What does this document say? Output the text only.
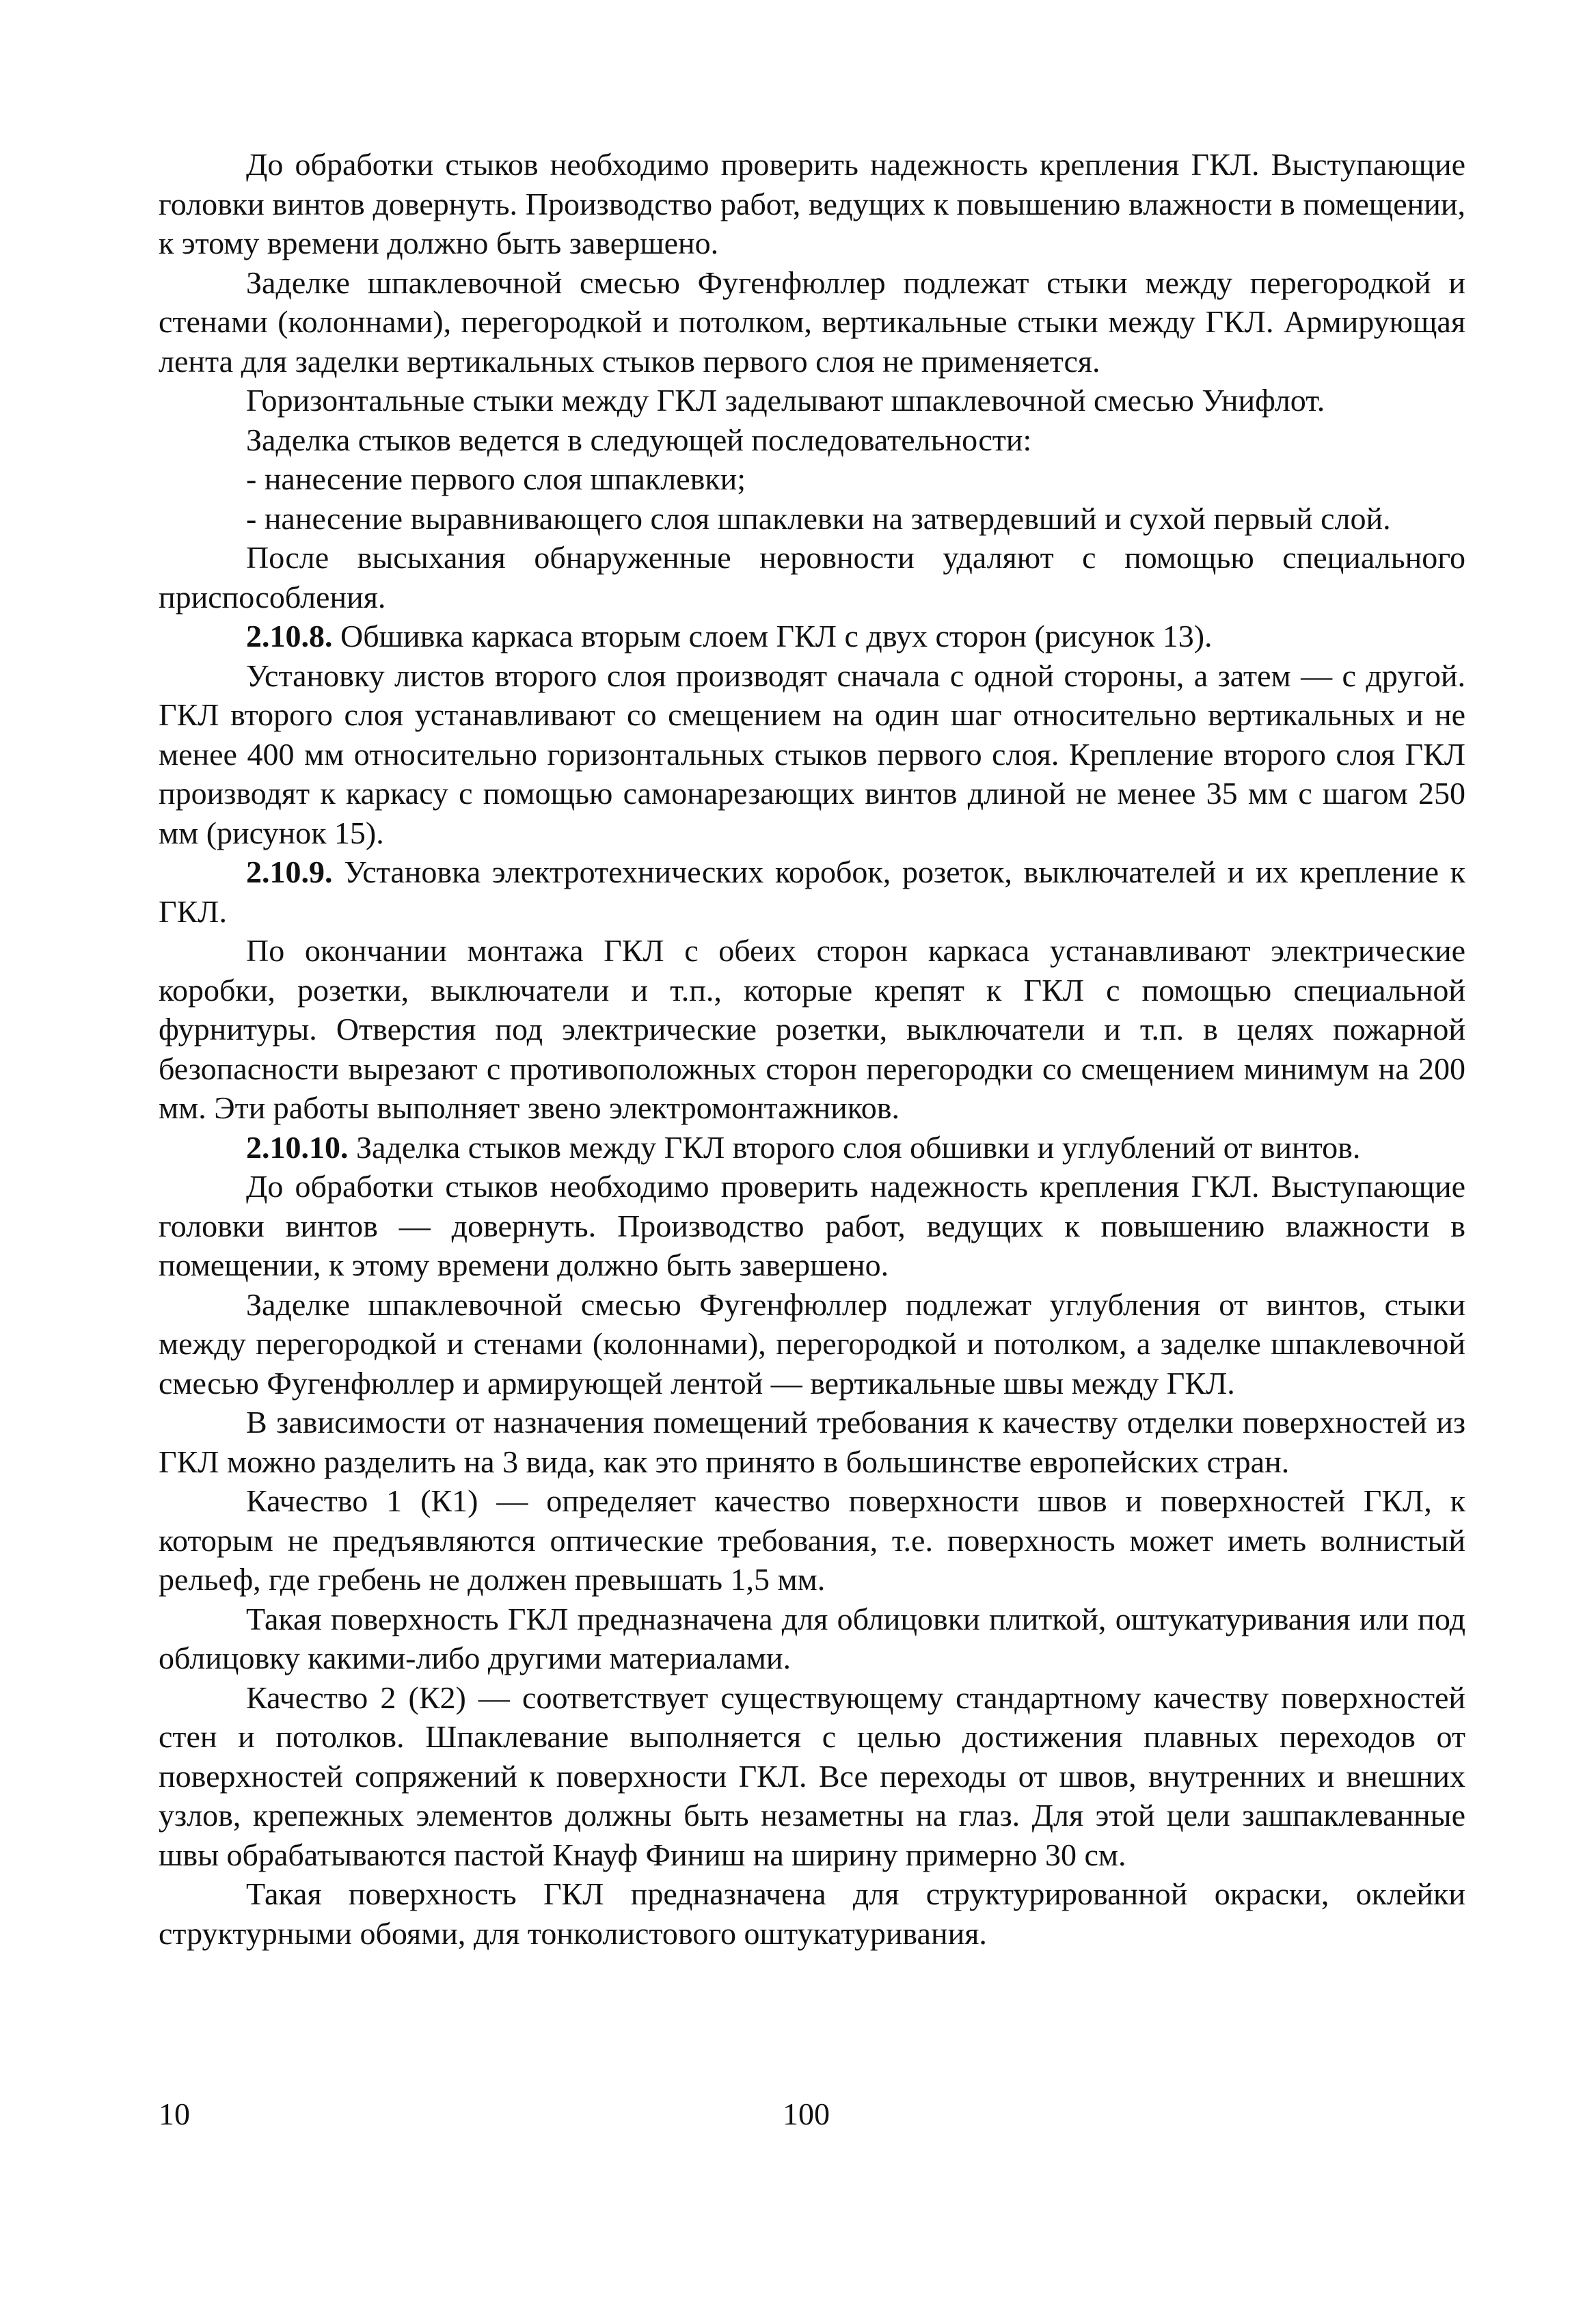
До обработки стыков необходимо проверить надежность крепления ГКЛ. Выступающие головки винтов довернуть. Производство работ, ведущих к повышению влажности в помещении, к этому времени должно быть завершено.

Заделке шпаклевочной смесью Фугенфюллер подлежат стыки между перегородкой и стенами (колоннами), перегородкой и потолком, вертикальные стыки между ГКЛ. Армирующая лента для заделки вертикальных стыков первого слоя не применяется.

Горизонтальные стыки между ГКЛ заделывают шпаклевочной смесью Унифлот.

Заделка стыков ведется в следующей последовательности:

- нанесение первого слоя шпаклевки;

- нанесение выравнивающего слоя шпаклевки на затвердевший и сухой первый слой.

После высыхания обнаруженные неровности удаляют с помощью специального приспособления.

2.10.8. Обшивка каркаса вторым слоем ГКЛ с двух сторон (рисунок 13).

Установку листов второго слоя производят сначала с одной стороны, а затем — с другой. ГКЛ второго слоя устанавливают со смещением на один шаг относительно вертикальных и не менее 400 мм относительно горизонтальных стыков первого слоя. Крепление второго слоя ГКЛ производят к каркасу с помощью самонарезающих винтов длиной не менее 35 мм с шагом 250 мм (рисунок 15).

2.10.9. Установка электротехнических коробок, розеток, выключателей и их крепление к ГКЛ.

По окончании монтажа ГКЛ с обеих сторон каркаса устанавливают электрические коробки, розетки, выключатели и т.п., которые крепят к ГКЛ с помощью специальной фурнитуры. Отверстия под электрические розетки, выключатели и т.п. в целях пожарной безопасности вырезают с противоположных сторон перегородки со смещением минимум на 200 мм. Эти работы выполняет звено электромонтажников.

2.10.10. Заделка стыков между ГКЛ второго слоя обшивки и углублений от винтов.

До обработки стыков необходимо проверить надежность крепления ГКЛ. Выступающие головки винтов — довернуть. Производство работ, ведущих к повышению влажности в помещении, к этому времени должно быть завершено.

Заделке шпаклевочной смесью Фугенфюллер подлежат углубления от винтов, стыки между перегородкой и стенами (колоннами), перегородкой и потолком, а заделке шпаклевочной смесью Фугенфюллер и армирующей лентой — вертикальные швы между ГКЛ.

В зависимости от назначения помещений требования к качеству отделки поверхностей из ГКЛ можно разделить на 3 вида, как это принято в большинстве европейских стран.

Качество 1 (К1) — определяет качество поверхности швов и поверхностей ГКЛ, к которым не предъявляются оптические требования, т.е. поверхность может иметь волнистый рельеф, где гребень не должен превышать 1,5 мм.

Такая поверхность ГКЛ предназначена для облицовки плиткой, оштукатуривания или под облицовку какими-либо другими материалами.

Качество 2 (К2) — соответствует существующему стандартному качеству поверхностей стен и потолков. Шпаклевание выполняется с целью достижения плавных переходов от поверхностей сопряжений к поверхности ГКЛ. Все переходы от швов, внутренних и внешних узлов, крепежных элементов должны быть незаметны на глаз. Для этой цели зашпаклеванные швы обрабатываются пастой Кнауф Финиш на ширину примерно 30 см.

Такая поверхность ГКЛ предназначена для структурированной окраски, оклейки структурными обоями, для тонколистового оштукатуривания.

10	100
